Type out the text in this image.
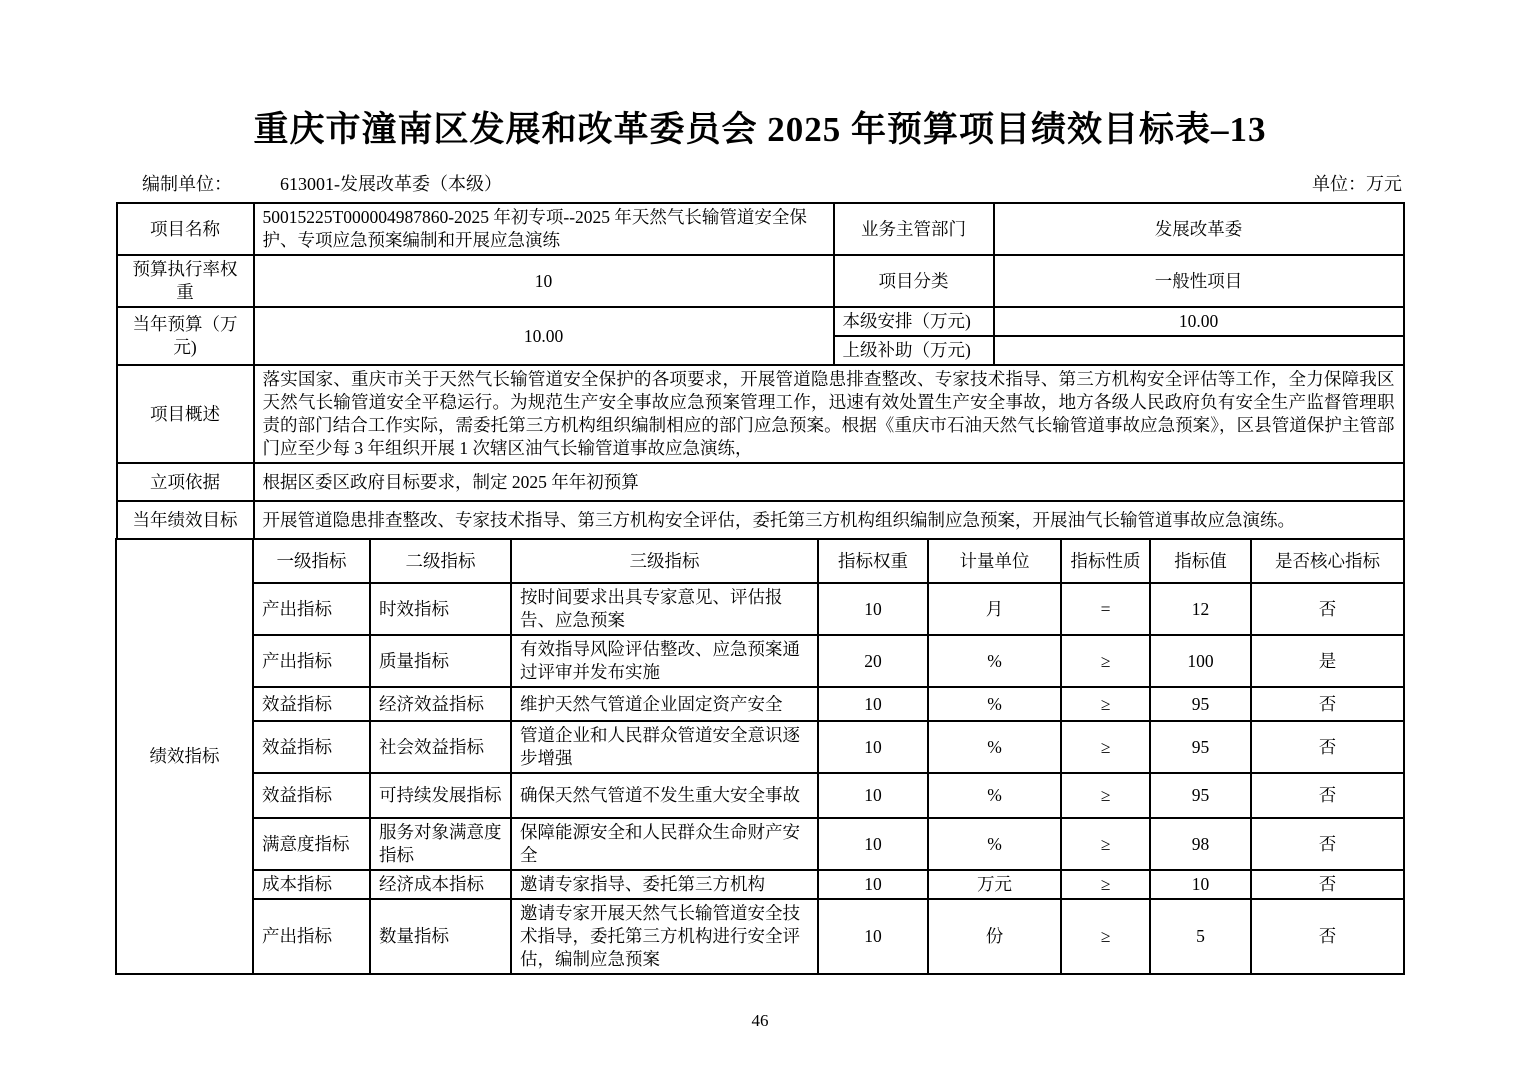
重庆市潼南区发展和改革委员会 2025 年预算项目绩效目标表–13
编制单位：	613001-发展改革委（本级）	单位：万元
项目名称	50015225T000004987860-2025 年初专项--2025 年天然气长输管道安全保护、专项应急预案编制和开展应急演练	业务主管部门	发展改革委
预算执行率权重	10	项目分类	一般性项目
当年预算（万元)	10.00	本级安排（万元)	10.00
		上级补助（万元)	
项目概述	落实国家、重庆市关于天然气长输管道安全保护的各项要求，开展管道隐患排查整改、专家技术指导、第三方机构安全评估等工作，全力保障我区天然气长输管道安全平稳运行。为规范生产安全事故应急预案管理工作，迅速有效处置生产安全事故，地方各级人民政府负有安全生产监督管理职责的部门结合工作实际，需委托第三方机构组织编制相应的部门应急预案。根据《重庆市石油天然气长输管道事故应急预案》，区县管道保护主管部门应至少每 3 年组织开展 1 次辖区油气长输管道事故应急演练，		
立项依据	根据区委区政府目标要求，制定 2025 年年初预算		
当年绩效目标	开展管道隐患排查整改、专家技术指导、第三方机构安全评估，委托第三方机构组织编制应急预案，开展油气长输管道事故应急演练。		
绩效指标	一级指标	二级指标	三级指标	指标权重	计量单位	指标性质	指标值	是否核心指标
	产出指标	时效指标	按时间要求出具专家意见、评估报告、应急预案	10	月	=	12	否
	产出指标	质量指标	有效指导风险评估整改、应急预案通过评审并发布实施	20	%	≥	100	是
	效益指标	经济效益指标	维护天然气管道企业固定资产安全	10	%	≥	95	否
	效益指标	社会效益指标	管道企业和人民群众管道安全意识逐步增强	10	%	≥	95	否
	效益指标	可持续发展指标	确保天然气管道不发生重大安全事故	10	%	≥	95	否
	满意度指标	服务对象满意度指标	保障能源安全和人民群众生命财产安全	10	%	≥	98	否
	成本指标	经济成本指标	邀请专家指导、委托第三方机构	10	万元	≥	10	否
	产出指标	数量指标	邀请专家开展天然气长输管道安全技术指导，委托第三方机构进行安全评估，编制应急预案	10	份	≥	5	否
46
